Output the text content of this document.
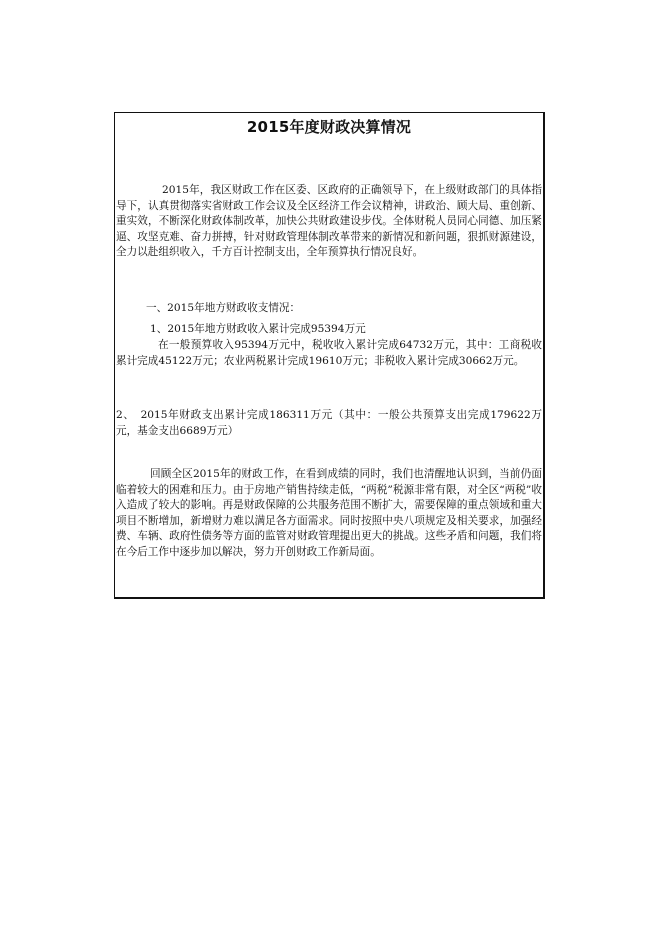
2015年度财政决算情况

2015年，我区财政工作在区委、区政府的正确领导下，在上级财政部门的具体指导下，认真贯彻落实省财政工作会议及全区经济工作会议精神，讲政治、顾大局、重创新、重实效，不断深化财政体制改革，加快公共财政建设步伐。全体财税人员同心同德、加压紧逼、攻坚克难、奋力拼搏，针对财政管理体制改革带来的新情况和新问题，狠抓财源建设，全力以赴组织收入，千方百计控制支出，全年预算执行情况良好。

一、2015年地方财政收支情况：

1、2015年地方财政收入累计完成95394万元

在一般预算收入95394万元中，税收收入累计完成64732万元，其中：工商税收累计完成45122万元；农业两税累计完成19610万元；非税收入累计完成30662万元。

2、　2015年财政支出累计完成186311万元（其中：一般公共预算支出完成179622万元，基金支出6689万元）

回顾全区2015年的财政工作，在看到成绩的同时，我们也清醒地认识到，当前仍面临着较大的困难和压力。由于房地产销售持续走低，“两税”税源非常有限，对全区“两税”收入造成了较大的影响。再是财政保障的公共服务范围不断扩大，需要保障的重点领域和重大项目不断增加，新增财力难以满足各方面需求。同时按照中央八项规定及相关要求，加强经费、车辆、政府性债务等方面的监管对财政管理提出更大的挑战。这些矛盾和问题，我们将在今后工作中逐步加以解决，努力开创财政工作新局面。
